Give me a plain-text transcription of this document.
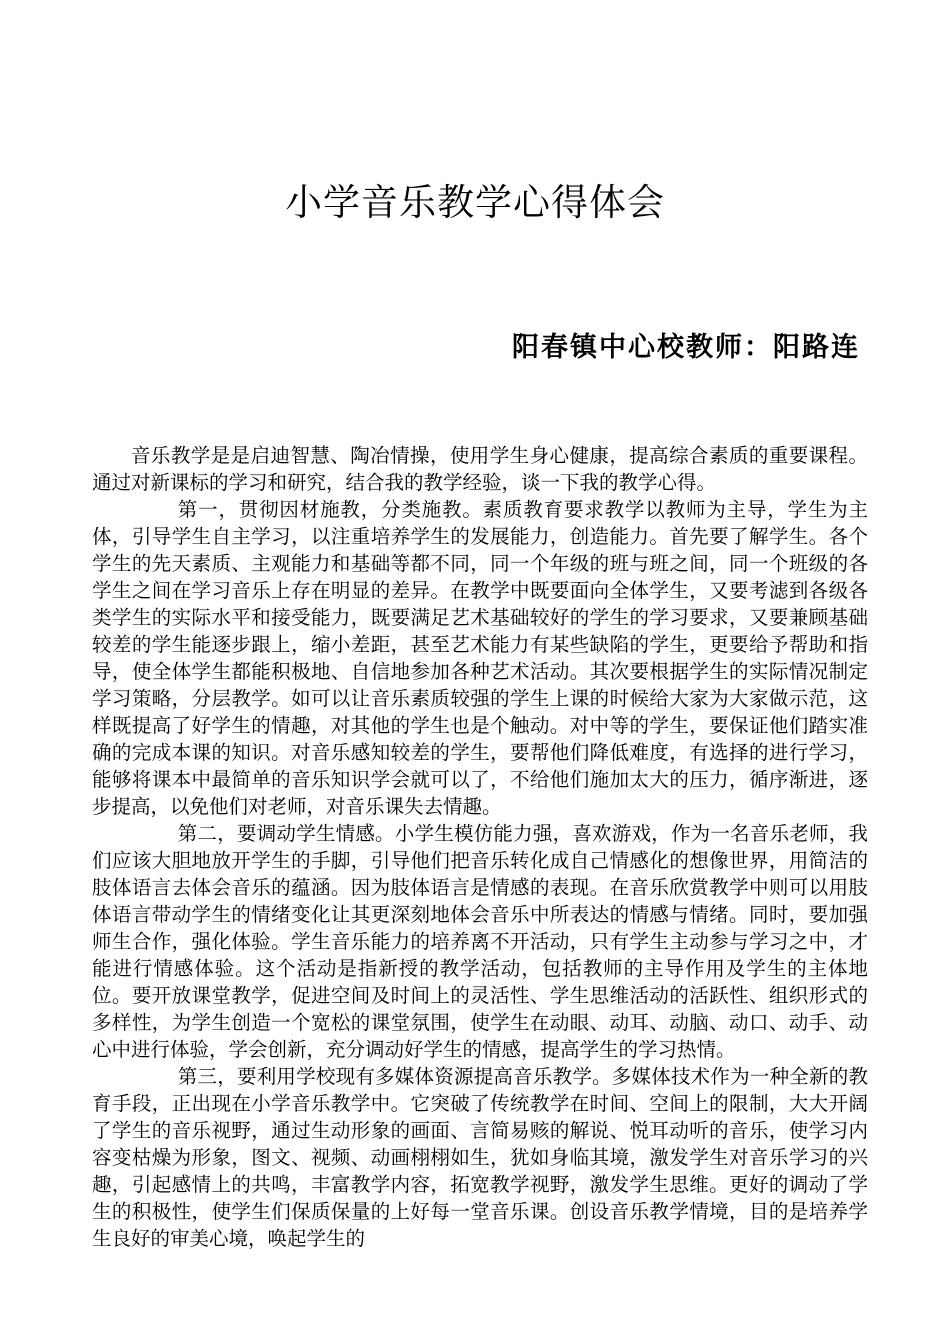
小学音乐教学心得体会
阳春镇中心校教师：阳路连

音乐教学是是启迪智慧、陶冶情操，使用学生身心健康，提高综合素质的重要课程。通过对新课标的学习和研究，结合我的教学经验，谈一下我的教学心得。

第一，贯彻因材施教，分类施教。素质教育要求教学以教师为主导，学生为主体，引导学生自主学习，以注重培养学生的发展能力，创造能力。首先要了解学生。各个学生的先天素质、主观能力和基础等都不同，同一个年级的班与班之间，同一个班级的各学生之间在学习音乐上存在明显的差异。在教学中既要面向全体学生，又要考滤到各级各类学生的实际水平和接受能力，既要满足艺术基础较好的学生的学习要求，又要兼顾基础较差的学生能逐步跟上，缩小差距，甚至艺术能力有某些缺陷的学生，更要给予帮助和指导，使全体学生都能积极地、自信地参加各种艺术活动。其次要根据学生的实际情况制定学习策略，分层教学。如可以让音乐素质较强的学生上课的时候给大家为大家做示范，这样既提高了好学生的情趣，对其他的学生也是个触动。对中等的学生，要保证他们踏实准确的完成本课的知识。对音乐感知较差的学生，要帮他们降低难度，有选择的进行学习，能够将课本中最简单的音乐知识学会就可以了，不给他们施加太大的压力，循序渐进，逐步提高，以免他们对老师，对音乐课失去情趣。

第二，要调动学生情感。小学生模仿能力强，喜欢游戏，作为一名音乐老师，我们应该大胆地放开学生的手脚，引导他们把音乐转化成自己情感化的想像世界，用简洁的肢体语言去体会音乐的蕴涵。因为肢体语言是情感的表现。在音乐欣赏教学中则可以用肢体语言带动学生的情绪变化让其更深刻地体会音乐中所表达的情感与情绪。同时，要加强师生合作，强化体验。学生音乐能力的培养离不开活动，只有学生主动参与学习之中，才能进行情感体验。这个活动是指新授的教学活动，包括教师的主导作用及学生的主体地位。要开放课堂教学，促进空间及时间上的灵活性、学生思维活动的活跃性、组织形式的多样性，为学生创造一个宽松的课堂氛围，使学生在动眼、动耳、动脑、动口、动手、动心中进行体验，学会创新，充分调动好学生的情感，提高学生的学习热情。

第三，要利用学校现有多媒体资源提高音乐教学。多媒体技术作为一种全新的教育手段，正出现在小学音乐教学中。它突破了传统教学在时间、空间上的限制，大大开阔了学生的音乐视野，通过生动形象的画面、言简易赅的解说、悦耳动听的音乐，使学习内容变枯燥为形象，图文、视频、动画栩栩如生，犹如身临其境，激发学生对音乐学习的兴趣，引起感情上的共鸣，丰富教学内容，拓宽教学视野，激发学生思维。更好的调动了学生的积极性，使学生们保质保量的上好每一堂音乐课。创设音乐教学情境，目的是培养学生良好的审美心境，唤起学生的
